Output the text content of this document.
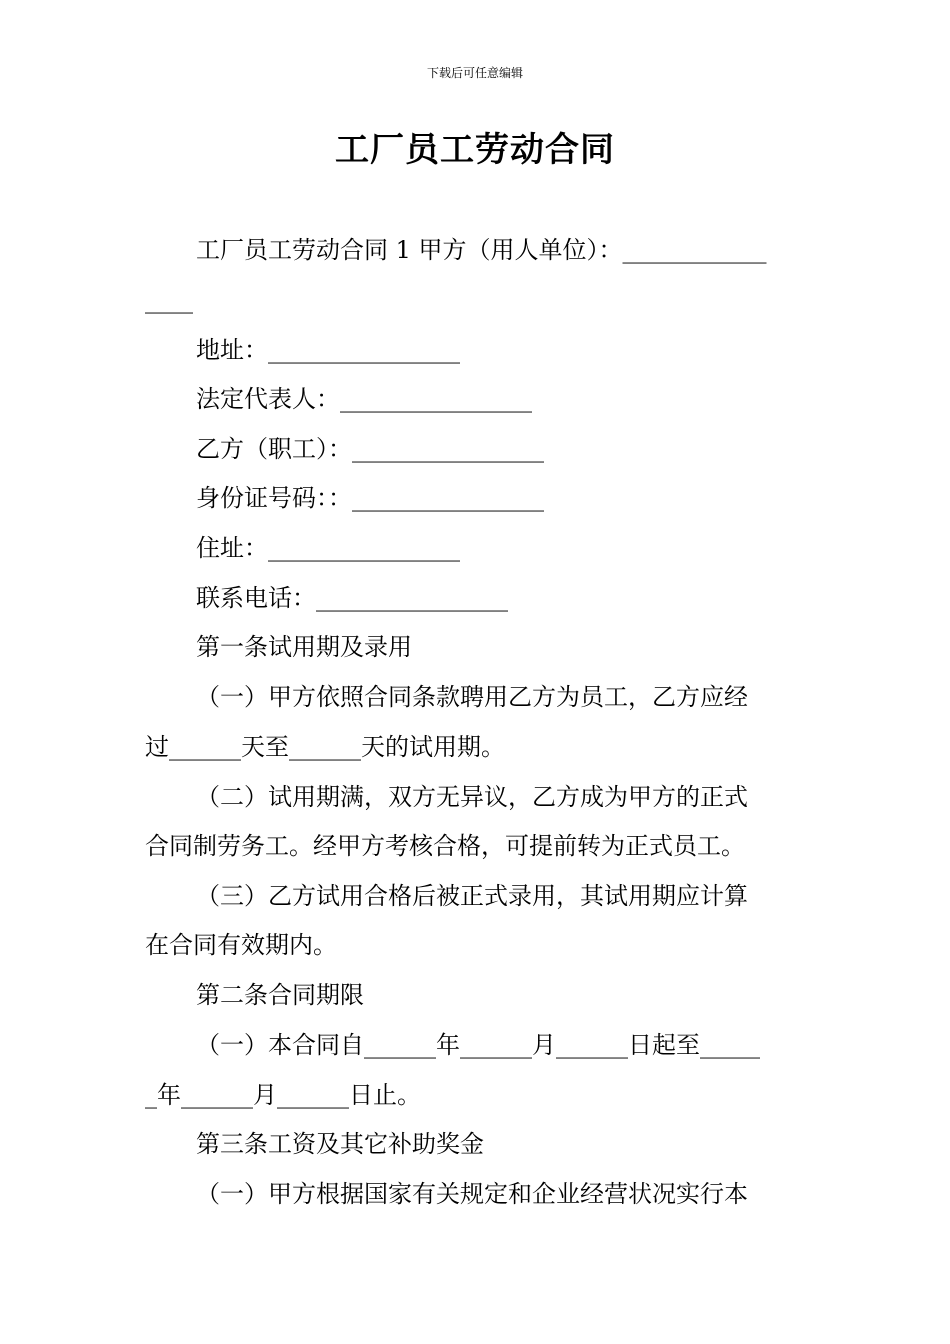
下载后可任意编辑
工厂员工劳动合同
工厂员工劳动合同 1 甲方（用人单位）：____________
____
地址：________________
法定代表人：________________
乙方（职工）：________________
身份证号码：：________________
住址：________________
联系电话：________________
第一条试用期及录用
（一）甲方依照合同条款聘用乙方为员工，乙方应经
过______天至______天的试用期。
（二）试用期满，双方无异议，乙方成为甲方的正式
合同制劳务工。经甲方考核合格，可提前转为正式员工。
（三）乙方试用合格后被正式录用，其试用期应计算
在合同有效期内。
第二条合同期限
（一）本合同自______年______月______日起至_____
_年______月______日止。
第三条工资及其它补助奖金
（一）甲方根据国家有关规定和企业经营状况实行本
